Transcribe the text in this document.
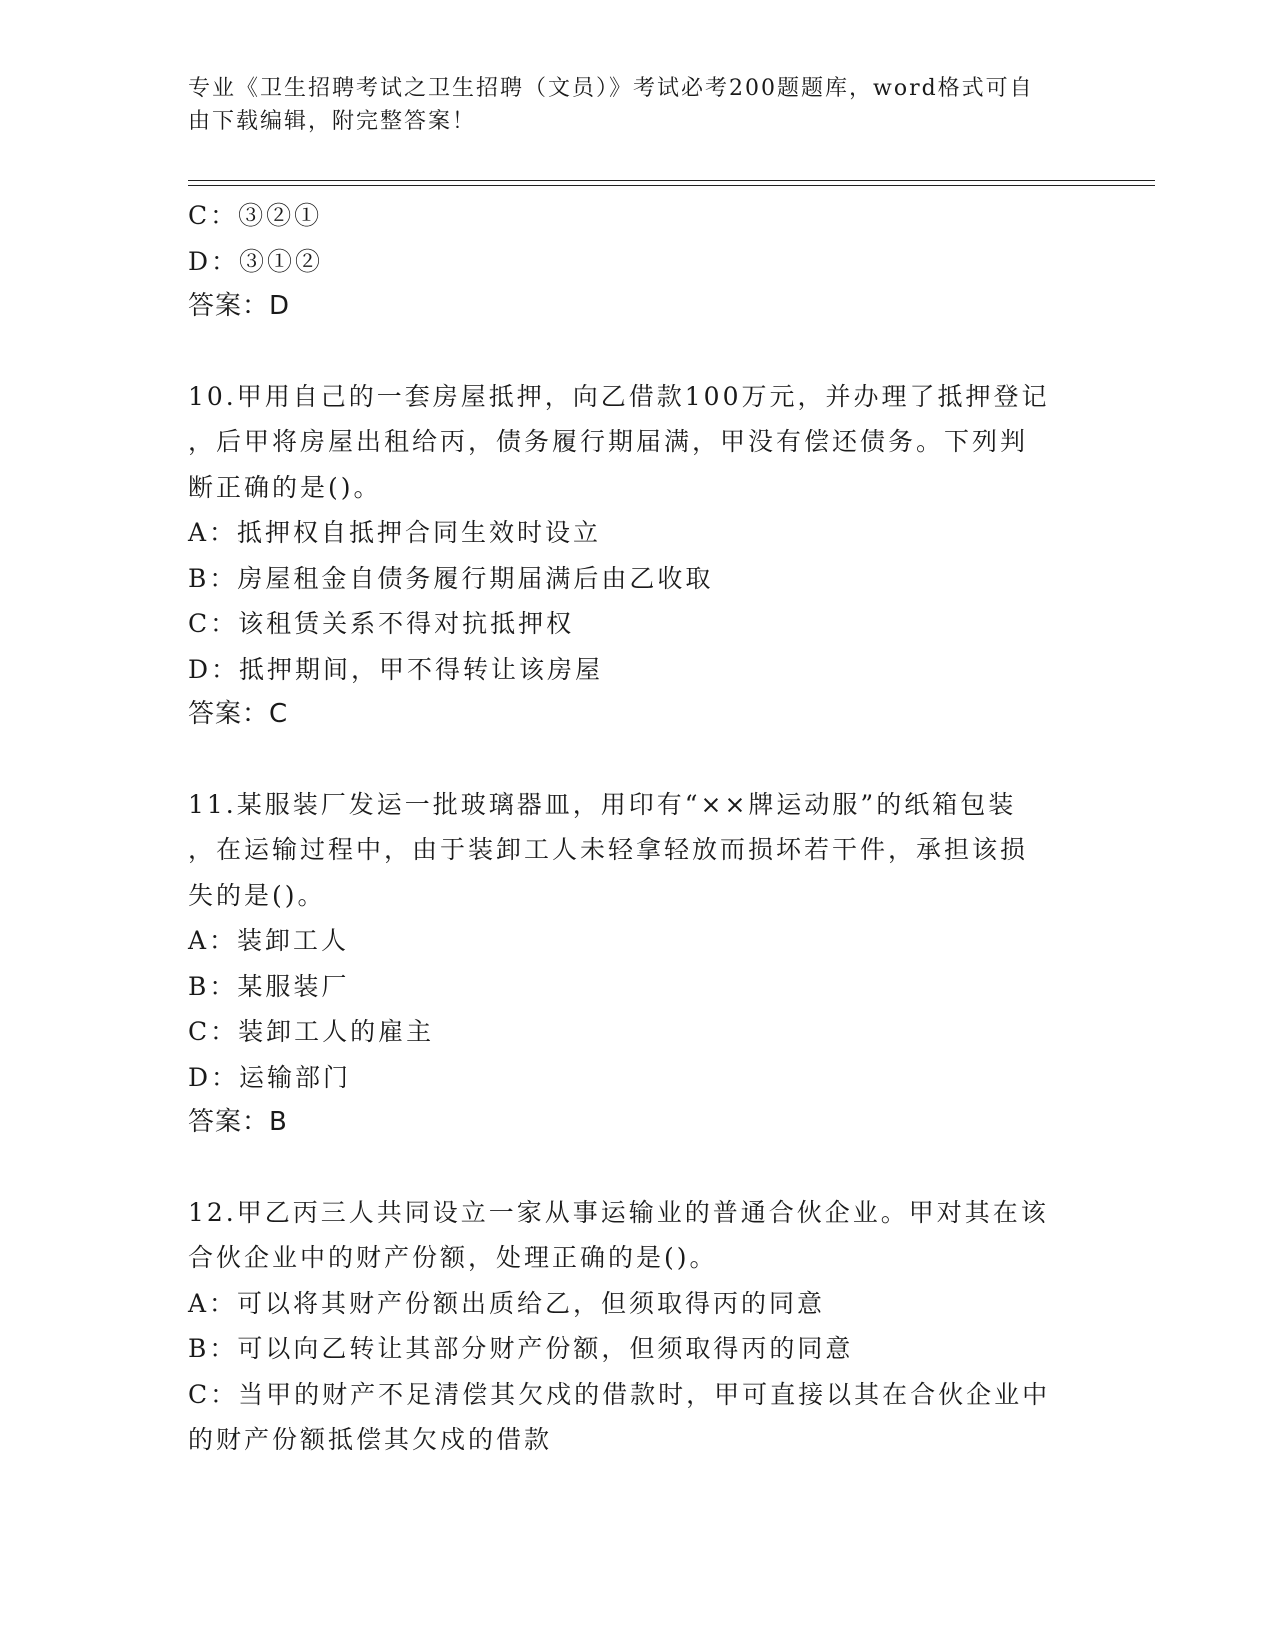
专业《卫生招聘考试之卫生招聘（文员）》考试必考200题题库，word格式可自
由下载编辑，附完整答案！
C：③②①
D：③①②
答案：D
10.甲用自己的一套房屋抵押，向乙借款100万元，并办理了抵押登记
，后甲将房屋出租给丙，债务履行期届满，甲没有偿还债务。下列判
断正确的是()。
A：抵押权自抵押合同生效时设立
B：房屋租金自债务履行期届满后由乙收取
C：该租赁关系不得对抗抵押权
D：抵押期间，甲不得转让该房屋
答案：C
11.某服装厂发运一批玻璃器皿，用印有“××牌运动服”的纸箱包装
，在运输过程中，由于装卸工人未轻拿轻放而损坏若干件，承担该损
失的是()。
A：装卸工人
B：某服装厂
C：装卸工人的雇主
D：运输部门
答案：B
12.甲乙丙三人共同设立一家从事运输业的普通合伙企业。甲对其在该
合伙企业中的财产份额，处理正确的是()。
A：可以将其财产份额出质给乙，但须取得丙的同意
B：可以向乙转让其部分财产份额，但须取得丙的同意
C：当甲的财产不足清偿其欠戍的借款时，甲可直接以其在合伙企业中
的财产份额抵偿其欠戍的借款
